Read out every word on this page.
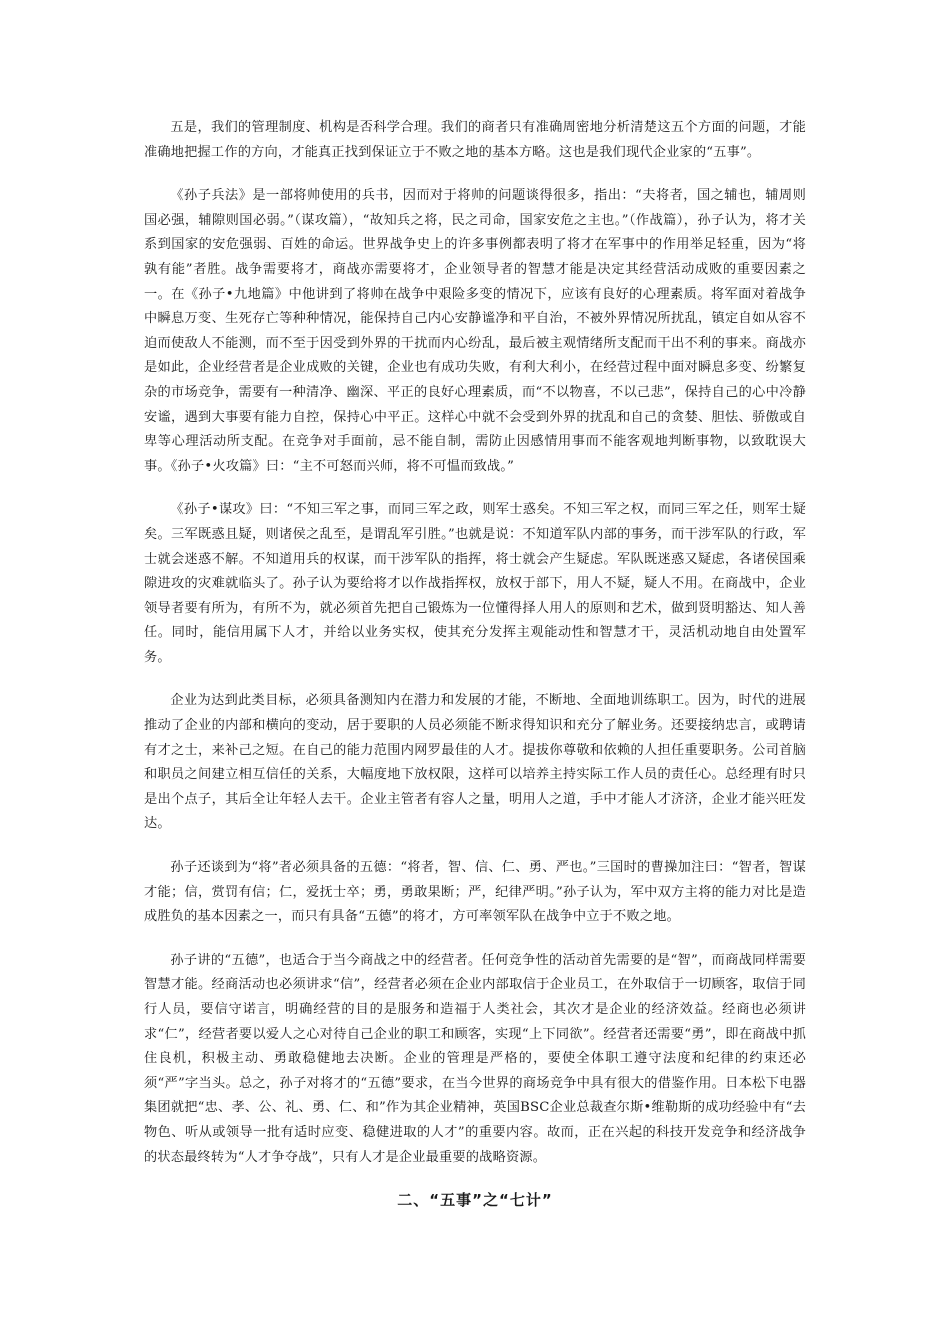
五是，我们的管理制度、机构是否科学合理。我们的商者只有准确周密地分析清楚这五个方面的问题，才能准确地把握工作的方向，才能真正找到保证立于不败之地的基本方略。这也是我们现代企业家的“五事”。

《孙子兵法》是一部将帅使用的兵书，因而对于将帅的问题谈得很多，指出：“夫将者，国之辅也，辅周则国必强，辅隙则国必弱。”（谋攻篇），“故知兵之将，民之司命，国家安危之主也。”（作战篇），孙子认为，将才关系到国家的安危强弱、百姓的命运。世界战争史上的许多事例都表明了将才在军事中的作用举足轻重，因为“将孰有能”者胜。战争需要将才，商战亦需要将才，企业领导者的智慧才能是决定其经营活动成败的重要因素之一。在《孙子•九地篇》中他讲到了将帅在战争中艰险多变的情况下，应该有良好的心理素质。将军面对着战争中瞬息万变、生死存亡等种种情况，能保持自己内心安静谧净和平自治，不被外界情况所扰乱，镇定自如从容不迫而使敌人不能测，而不至于因受到外界的干扰而内心纷乱，最后被主观情绪所支配而干出不利的事来。商战亦是如此，企业经营者是企业成败的关键，企业也有成功失败，有利大利小，在经营过程中面对瞬息多变、纷繁复杂的市场竞争，需要有一种清净、幽深、平正的良好心理素质，而“不以物喜，不以己悲”，保持自己的心中冷静安谧，遇到大事要有能力自控，保持心中平正。这样心中就不会受到外界的扰乱和自己的贪婪、胆怯、骄傲或自卑等心理活动所支配。在竞争对手面前，忌不能自制，需防止因感情用事而不能客观地判断事物，以致耽误大事。《孙子•火攻篇》曰：“主不可怒而兴师，将不可愠而致战。”

《孙子•谋攻》曰：“不知三军之事，而同三军之政，则军士惑矣。不知三军之权，而同三军之任，则军士疑矣。三军既惑且疑，则诸侯之乱至，是谓乱军引胜。”也就是说：不知道军队内部的事务，而干涉军队的行政，军士就会迷惑不解。不知道用兵的权谋，而干涉军队的指挥，将士就会产生疑虑。军队既迷惑又疑虑，各诸侯国乘隙进攻的灾难就临头了。孙子认为要给将才以作战指挥权，放权于部下，用人不疑，疑人不用。在商战中，企业领导者要有所为，有所不为，就必须首先把自己锻炼为一位懂得择人用人的原则和艺术，做到贤明豁达、知人善任。同时，能信用属下人才，并给以业务实权，使其充分发挥主观能动性和智慧才干，灵活机动地自由处置军务。

企业为达到此类目标，必须具备测知内在潜力和发展的才能，不断地、全面地训练职工。因为，时代的进展推动了企业的内部和横向的变动，居于要职的人员必须能不断求得知识和充分了解业务。还要接纳忠言，或聘请有才之士，来补己之短。在自己的能力范围内网罗最佳的人才。提拔你尊敬和依赖的人担任重要职务。公司首脑和职员之间建立相互信任的关系，大幅度地下放权限，这样可以培养主持实际工作人员的责任心。总经理有时只是出个点子，其后全让年轻人去干。企业主管者有容人之量，明用人之道，手中才能人才济济，企业才能兴旺发达。

孙子还谈到为“将”者必须具备的五德：“将者，智、信、仁、勇、严也。”三国时的曹操加注曰：“智者，智谋才能；信，赏罚有信；仁，爱抚士卒；勇，勇敢果断；严，纪律严明。”孙子认为，军中双方主将的能力对比是造成胜负的基本因素之一，而只有具备“五德”的将才，方可率领军队在战争中立于不败之地。

孙子讲的“五德”，也适合于当今商战之中的经营者。任何竞争性的活动首先需要的是“智”，而商战同样需要智慧才能。经商活动也必须讲求“信”，经营者必须在企业内部取信于企业员工，在外取信于一切顾客，取信于同行人员，要信守诺言，明确经营的目的是服务和造福于人类社会，其次才是企业的经济效益。经商也必须讲求“仁”，经营者要以爱人之心对待自己企业的职工和顾客，实现“上下同欲”。经营者还需要“勇”，即在商战中抓住良机，积极主动、勇敢稳健地去决断。企业的管理是严格的，要使全体职工遵守法度和纪律的约束还必须“严”字当头。总之，孙子对将才的“五德”要求，在当今世界的商场竞争中具有很大的借鉴作用。日本松下电器集团就把“忠、孝、公、礼、勇、仁、和”作为其企业精神，英国BSC企业总裁查尔斯•维勒斯的成功经验中有“去物色、听从或领导一批有适时应变、稳健进取的人才”的重要内容。故而，正在兴起的科技开发竞争和经济战争的状态最终转为“人才争夺战”，只有人才是企业最重要的战略资源。

二、“五事”之“七计”
